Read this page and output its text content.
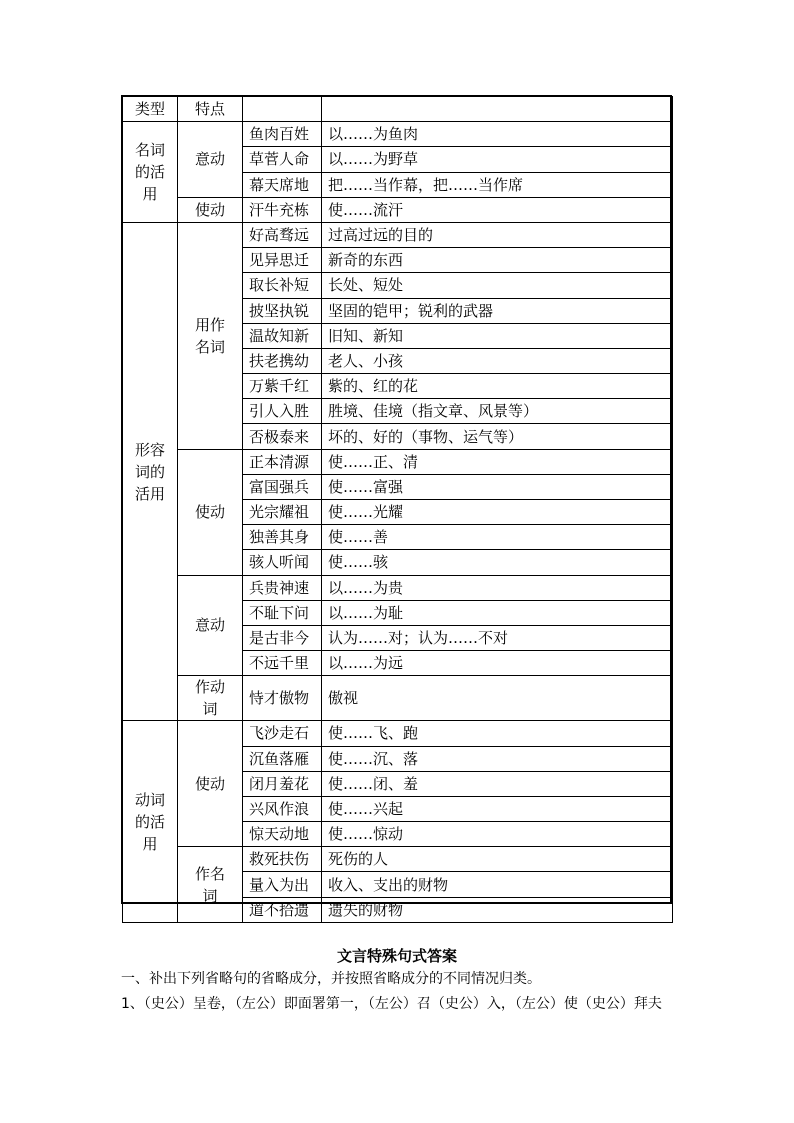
类型	特点		
名词的活用	意动	鱼肉百姓	以……为鱼肉
		草菅人命	以……为野草
		幕天席地	把……当作幕，把……当作席
	使动	汗牛充栋	使……流汗
形容词的活用	用作名词	好高骛远	过高过远的目的
		见异思迁	新奇的东西
		取长补短	长处、短处
		披坚执锐	坚固的铠甲；锐利的武器
		温故知新	旧知、新知
		扶老携幼	老人、小孩
		万紫千红	紫的、红的花
		引人入胜	胜境、佳境（指文章、风景等）
		否极泰来	坏的、好的（事物、运气等）
	使动	正本清源	使……正、清
		富国强兵	使……富强
		光宗耀祖	使……光耀
		独善其身	使……善
		骇人听闻	使……骇
	意动	兵贵神速	以……为贵
		不耻下问	以……为耻
		是古非今	认为……对；认为……不对
		不远千里	以……为远
	作动词	恃才傲物	傲视
动词的活用	使动	飞沙走石	使……飞、跑
		沉鱼落雁	使……沉、落
		闭月羞花	使……闭、羞
		兴风作浪	使……兴起
		惊天动地	使……惊动
	作名词	救死扶伤	死伤的人
		量入为出	收入、支出的财物
		道不拾遗	遗失的财物
文言特殊句式答案
一、补出下列省略句的省略成分，并按照省略成分的不同情况归类。
1、（史公）呈卷，（左公）即面署第一，（左公）召（史公）入，（左公）使（史公）拜夫
